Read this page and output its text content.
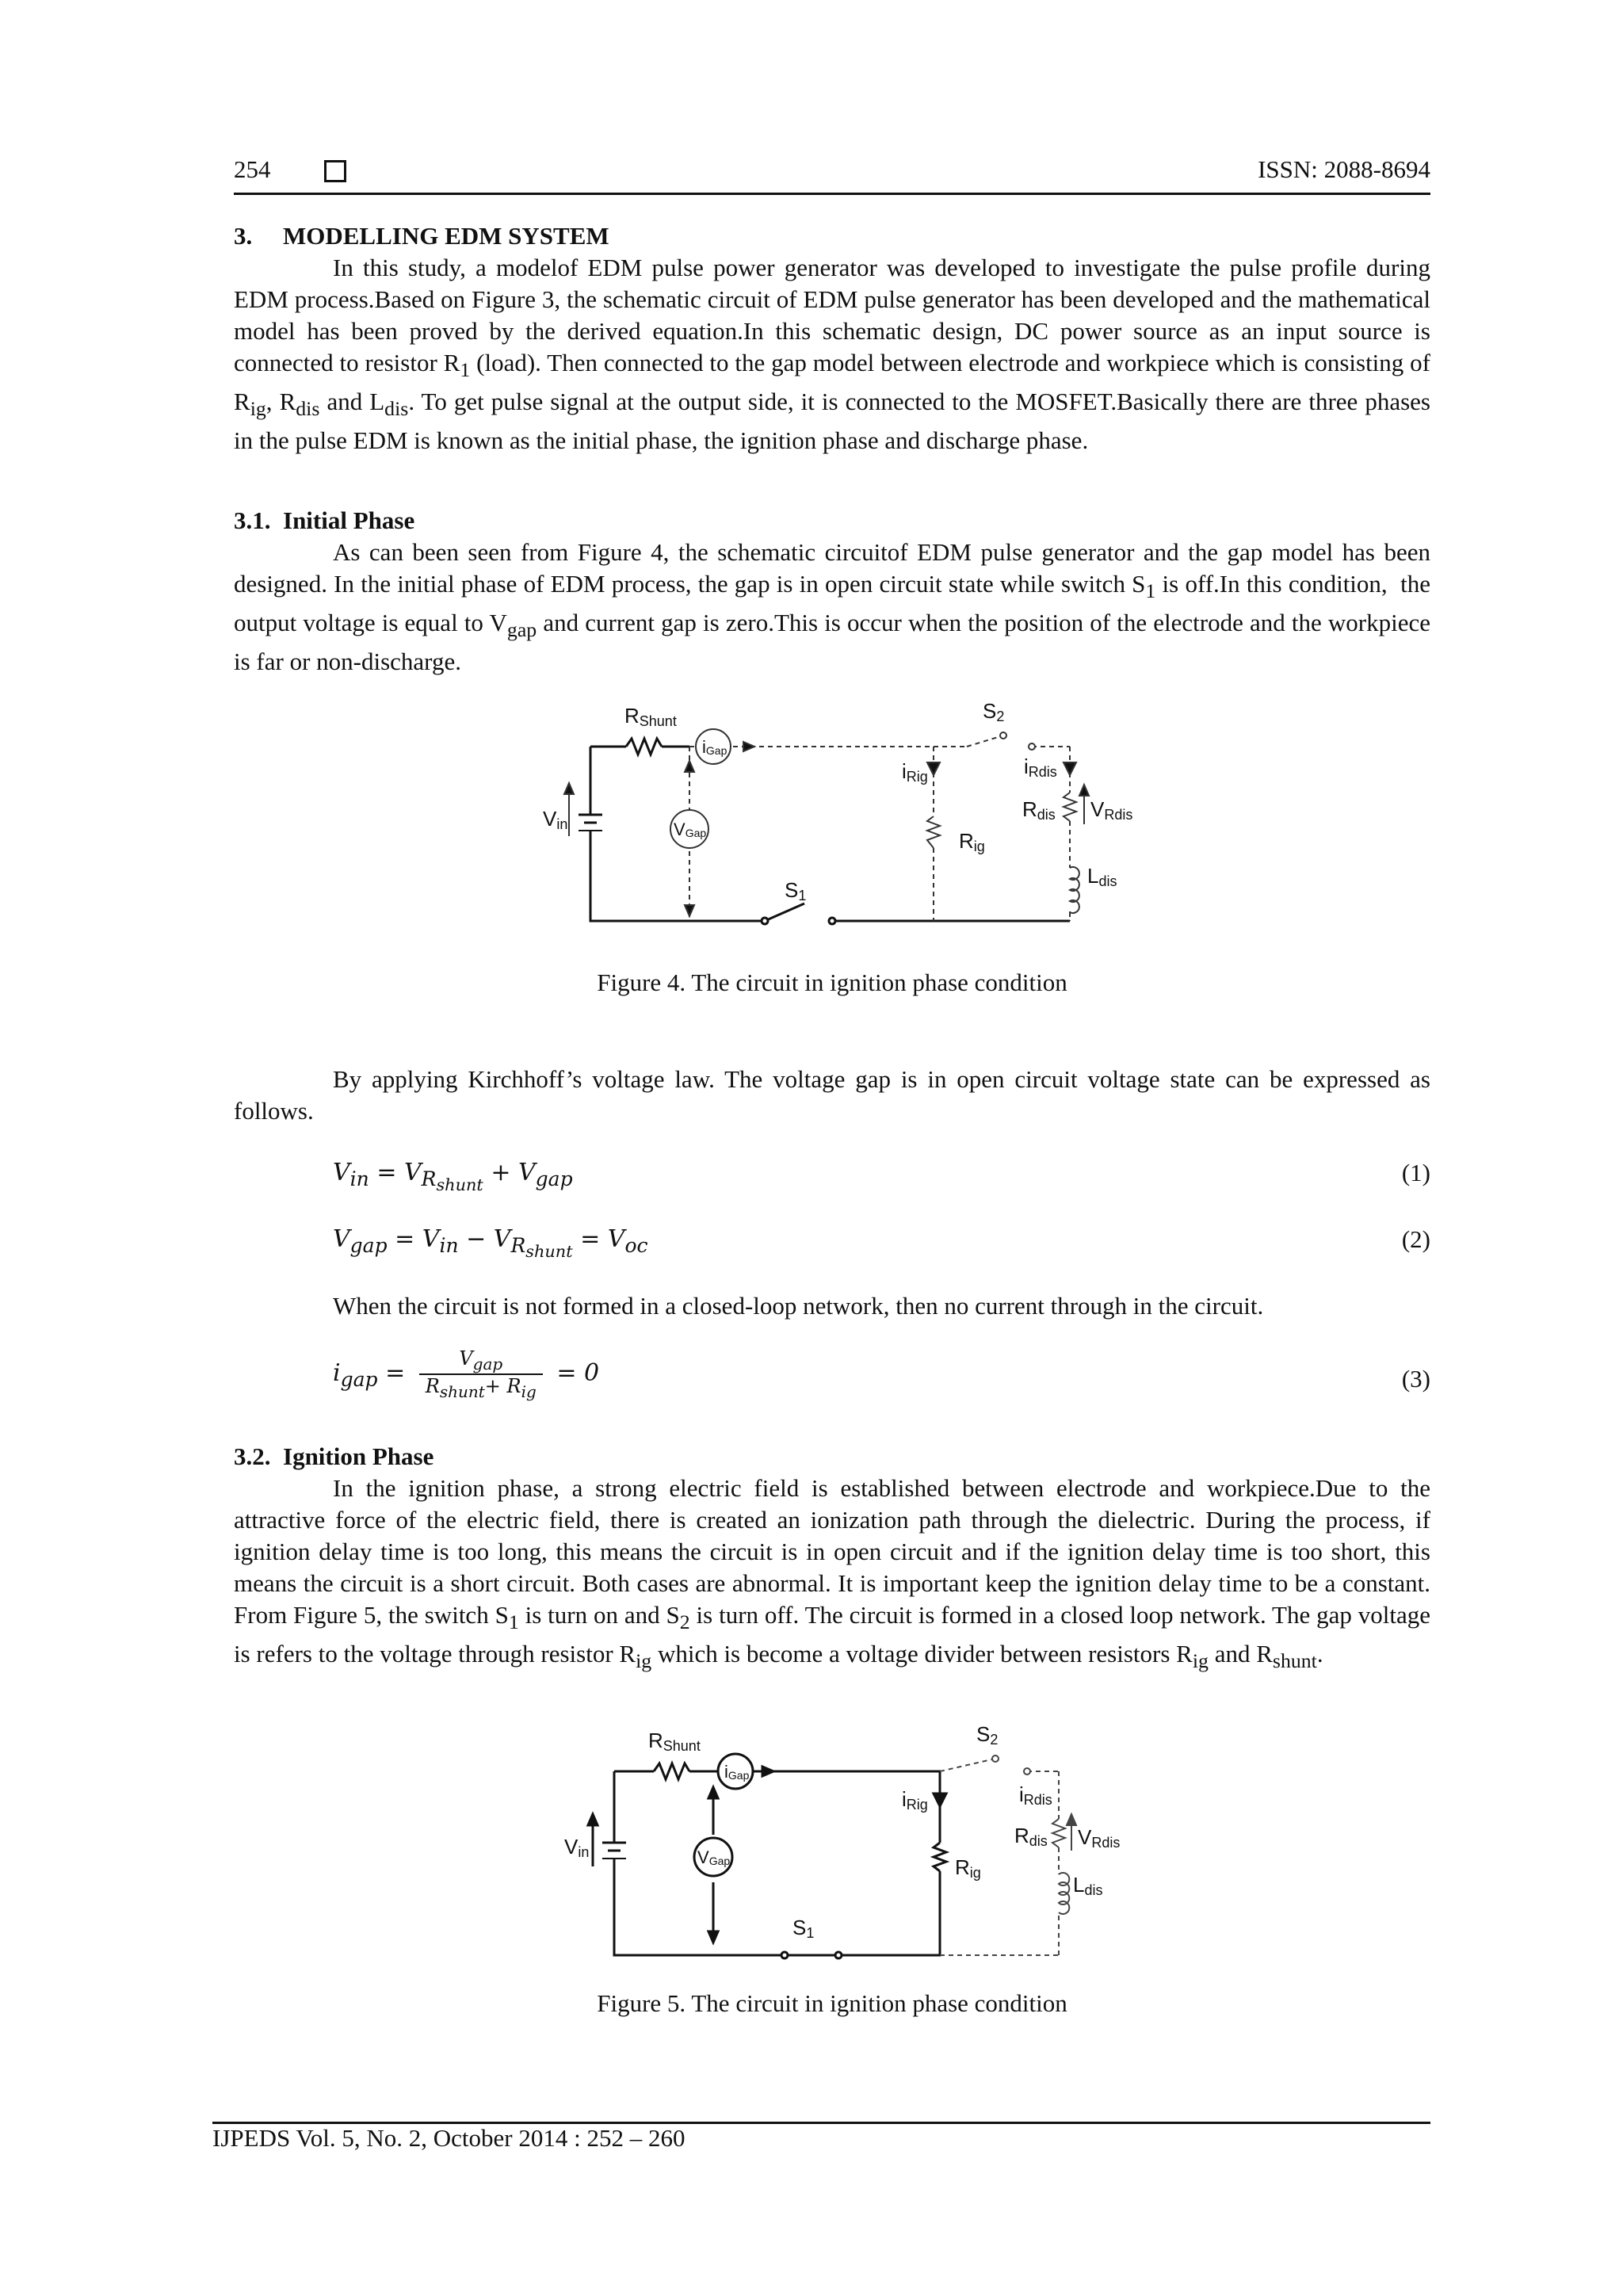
254	ISSN: 2088-8694
3.     MODELLING EDM SYSTEM
In this study, a modelof EDM pulse power generator was developed to investigate the pulse profile during EDM process.Based on Figure 3, the schematic circuit of EDM pulse generator has been developed and the mathematical model has been proved by the derived equation.In this schematic design, DC power source as an input source is connected to resistor $R_1$ (load). Then connected to the gap model between electrode and workpiece which is consisting of $R_{ig}$, $R_{dis}$ and $L_{dis}$. To get pulse signal at the output side, it is connected to the MOSFET.Basically there are three phases in the pulse EDM is known as the initial phase, the ignition phase and discharge phase.
3.1.  Initial Phase
As can been seen from Figure 4, the schematic circuitof EDM pulse generator and the gap model has been designed. In the initial phase of EDM process, the gap is in open circuit state while switch $S_1$ is off.In this condition,  the output voltage is equal to $V_{gap}$ and current gap is zero.This is occur when the position of the electrode and the workpiece is far or non-discharge.
RShunt
iGap
VGap
Vin
S1
S2
iRig
Rig
iRdis
Rdis VRdis
Ldis
Figure 4. The circuit in ignition phase condition
By applying Kirchhoff’s voltage law. The voltage gap is in open circuit voltage state can be expressed as follows.
$V_{in} = V_{R_{shunt}} + V_{gap}$	(1)
$V_{gap} = V_{in} - V_{R_{shunt}} = V_{oc}$	(2)
When the circuit is not formed in a closed-loop network, then no current through in the circuit.
$i_{gap} = \frac{V_{gap}}{R_{shunt}+ R_{ig}} = 0$	(3)
3.2.  Ignition Phase
In the ignition phase, a strong electric field is established between electrode and workpiece.Due to the attractive force of the electric field, there is created an ionization path through the dielectric. During the process, if ignition delay time is too long, this means the circuit is in open circuit and if the ignition delay time is too short, this means the circuit is a short circuit. Both cases are abnormal. It is important keep the ignition delay time to be a constant. From Figure 5, the switch $S_1$ is turn on and $S_2$ is turn off. The circuit is formed in a closed loop network. The gap voltage is refers to the voltage through resistor $R_{ig}$ which is become a voltage divider between resistors $R_{ig}$ and $R_{shunt}$.
RShunt
iGap
VGap
Vin
S1
S2
iRig
Rig
iRdis
Rdis VRdis
Ldis
Figure 5. The circuit in ignition phase condition
IJPEDS Vol. 5, No. 2, October 2014 : 252 – 260
